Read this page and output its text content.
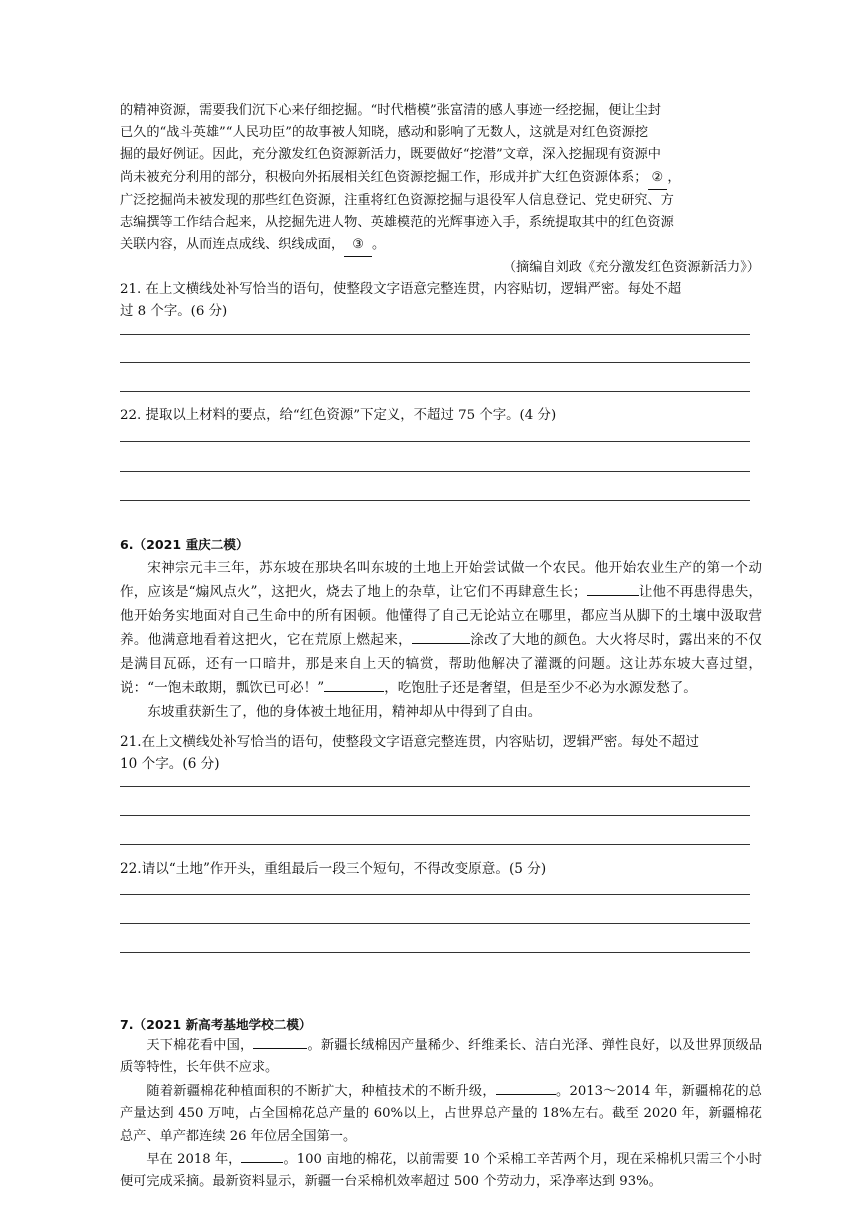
的精神资源，需要我们沉下心来仔细挖掘。“时代楷模”张富清的感人事迹一经挖掘，便让尘封

已久的“战斗英雄”“人民功臣”的故事被人知晓，感动和影响了无数人，这就是对红色资源挖

掘的最好例证。因此，充分激发红色资源新活力，既要做好“挖潜”文章，深入挖掘现有资源中

尚未被充分利用的部分，积极向外拓展相关红色资源挖掘工作，形成并扩大红色资源体系； ② ，

广泛挖掘尚未被发现的那些红色资源，注重将红色资源挖掘与退役军人信息登记、党史研究、方

志编撰等工作结合起来，从挖掘先进人物、英雄模范的光辉事迹入手，系统提取其中的红色资源

关联内容，从而连点成线、织线成面， ③ 。

（摘编自刘政《充分激发红色资源新活力》）

21. 在上文横线处补写恰当的语句，使整段文字语意完整连贯，内容贴切，逻辑严密。每处不超

过 8 个字。(6 分)

22. 提取以上材料的要点，给“红色资源”下定义，不超过 75 个字。(4 分)

6.（2021 重庆二模）

宋神宗元丰三年，苏东坡在那块名叫东坡的土地上开始尝试做一个农民。他开始农业生产的第一个动作，应该是“煽风点火”，这把火，烧去了地上的杂草，让它们不再肆意生长；	让他不再患得患失，他开始务实地面对自己生命中的所有困顿。他懂得了自己无论站立在哪里，都应当从脚下的土壤中汲取营养。他满意地看着这把火，它在荒原上燃起来，	涂改了大地的颜色。大火将尽时，露出来的不仅是满目瓦砾，还有一口暗井，那是来自上天的犒赏，帮助他解决了灌溉的问题。这让苏东坡大喜过望，说：“一饱未敢期，瓢饮已可必！”	，吃饱肚子还是奢望，但是至少不必为水源发愁了。

东坡重获新生了，他的身体被土地征用，精神却从中得到了自由。

21.在上文横线处补写恰当的语句，使整段文字语意完整连贯，内容贴切，逻辑严密。每处不超过

10 个字。(6 分)

22.请以“土地”作开头，重组最后一段三个短句，不得改变原意。(5 分)

7.（2021 新高考基地学校二模）

天下棉花看中国，	。新疆长绒棉因产量稀少、纤维柔长、洁白光泽、弹性良好，以及世界顶级品质等特性，长年供不应求。

随着新疆棉花种植面积的不断扩大，种植技术的不断升级，	。2013～2014 年，新疆棉花的总产量达到 450 万吨，占全国棉花总产量的 60%以上，占世界总产量的 18%左右。截至 2020 年，新疆棉花总产、单产都连续 26 年位居全国第一。

早在 2018 年，	。100 亩地的棉花，以前需要 10 个采棉工辛苦两个月，现在采棉机只需三个小时便可完成采摘。最新资料显示，新疆一台采棉机效率超过 500 个劳动力，采净率达到 93%。
